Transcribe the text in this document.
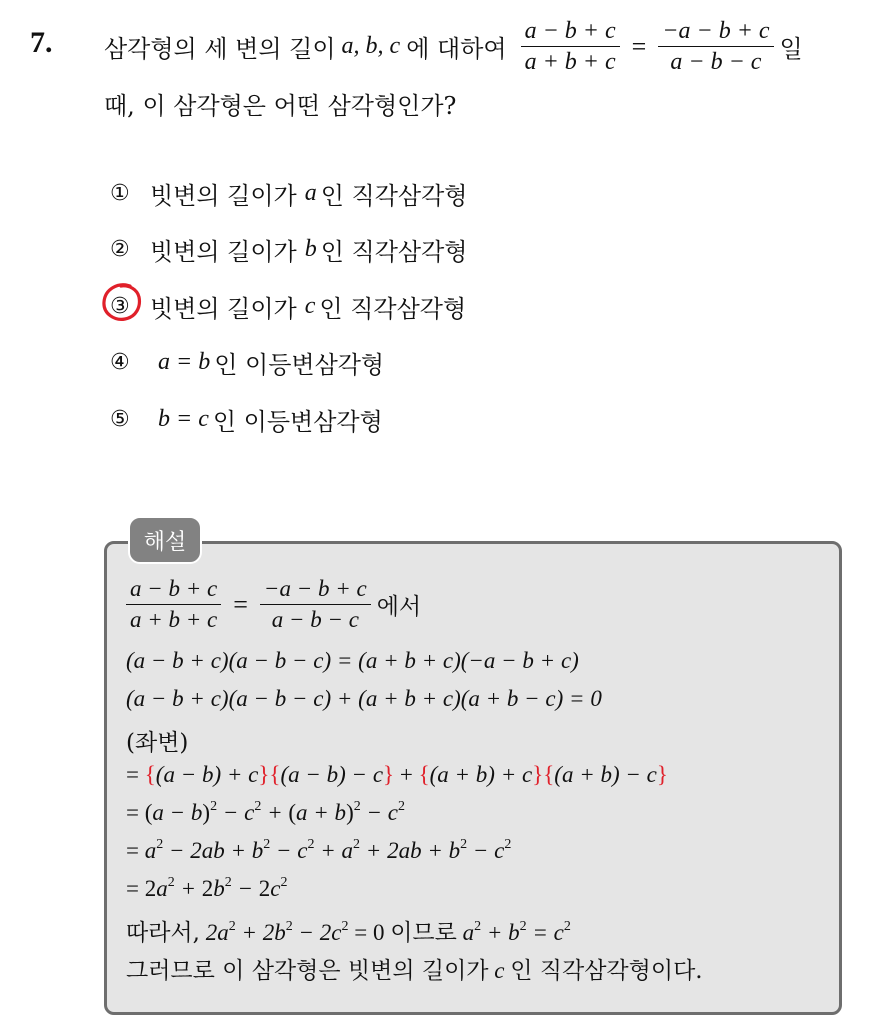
7. 삼각형의 세 변의 길이 a, b, c 에 대하여 $\frac{a - b + c}{a + b + c} = \frac{-a - b + c}{a - b - c}$ 일
때, 이 삼각형은 어떤 삼각형인가?
① 빗변의 길이가 a 인 직각삼각형
② 빗변의 길이가 b 인 직각삼각형
③ 빗변의 길이가 c 인 직각삼각형
④ a = b 인 이등변삼각형
⑤ b = c 인 이등변삼각형
해설
$\frac{a - b + c}{a + b + c} = \frac{-a - b + c}{a - b - c}$ 에서
(a − b + c)(a − b − c) = (a + b + c)(−a − b + c)
(a − b + c)(a − b − c) + (a + b + c)(a + b − c) = 0
(좌변)
= {(a − b) + c}{(a − b) − c} + {(a + b) + c}{(a + b) − c}
= $(a - b)^2 - c^2 + (a + b)^2 - c^2$
= $a^2 - 2ab + b^2 - c^2 + a^2 + 2ab + b^2 - c^2$
= $2a^2 + 2b^2 - 2c^2$
따라서, $2a^2 + 2b^2 - 2c^2 = 0$ 이므로 $a^2 + b^2 = c^2$
그러므로 이 삼각형은 빗변의 길이가 c 인 직각삼각형이다.
